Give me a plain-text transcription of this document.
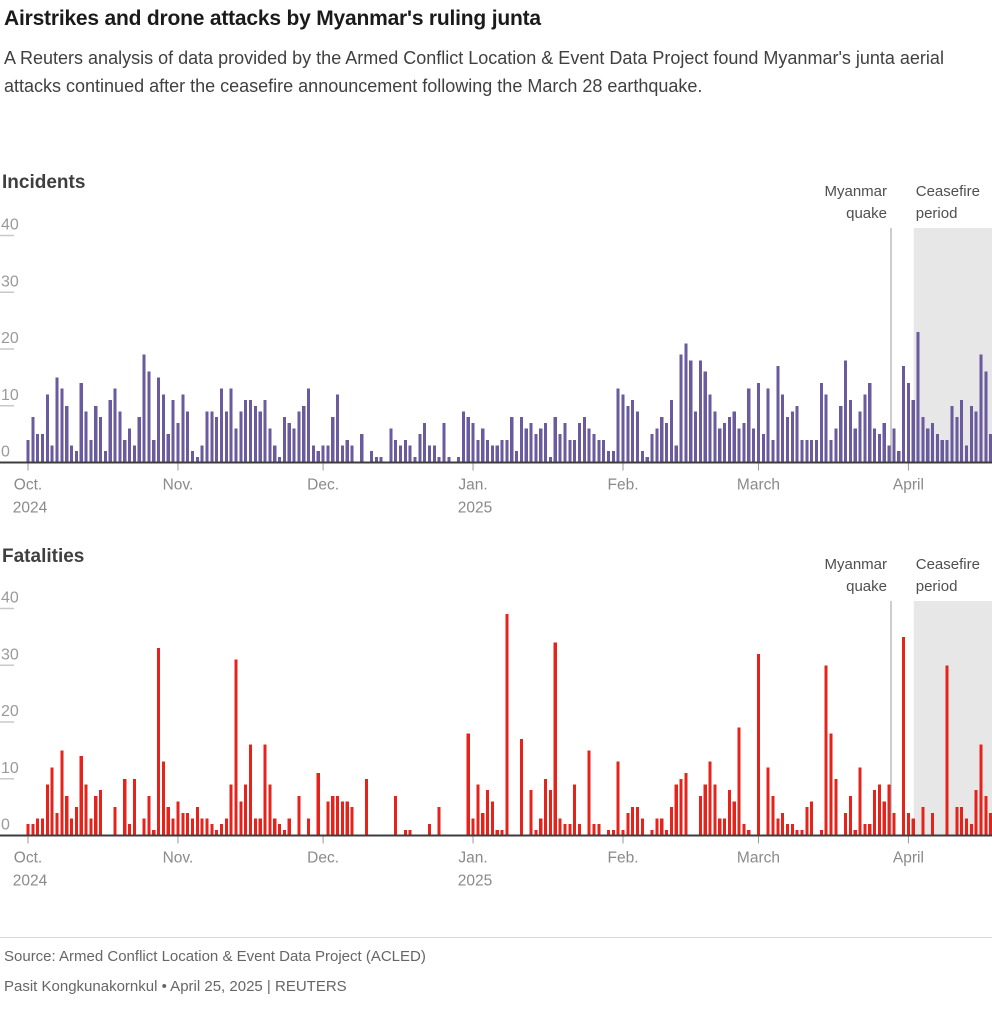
Airstrikes and drone attacks by Myanmar's ruling junta
A Reuters analysis of data provided by the Armed Conflict Location & Event Data Project found Myanmar's junta aerial attacks continued after the ceasefire announcement following the March 28 earthquake.
Incidents
0
10
20
30
40
Oct.
2024
Nov.	Dec.	Jan.
2025
Feb.	March	April
Myanmar
quake
Ceasefire
period
Fatalities
0
10
20
30
40
Oct.
2024
Nov.	Dec.	Jan.
2025
Feb.	March	April
Myanmar
quake
Ceasefire
period
Source: Armed Conflict Location & Event Data Project (ACLED)
Pasit Kongkunakornkul • April 25, 2025 | REUTERS
